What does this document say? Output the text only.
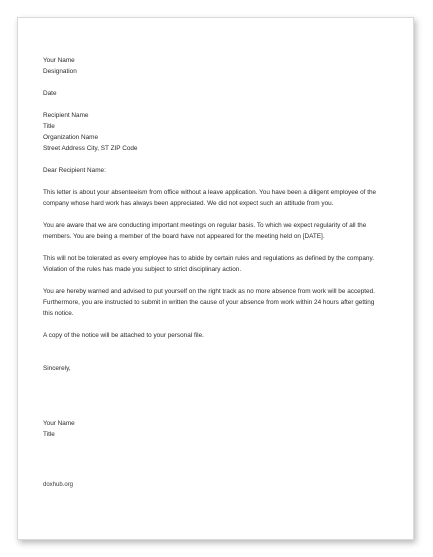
Your Name
Designation
Date
Recipient Name
Title
Organization Name
Street Address City, ST ZIP Code
Dear Recipient Name:
This letter is about your absenteeism from office without a leave application. You have been a diligent employee of the company whose hard work has always been appreciated. We did not expect such an attitude from you.
You are aware that we are conducting important meetings on regular basis. To which we expect regularity of all the members. You are being a member of the board have not appeared for the meeting held on [DATE].
This will not be tolerated as every employee has to abide by certain rules and regulations as defined by the company. Violation of the rules has made you subject to strict disciplinary action.
You are hereby warned and advised to put yourself on the right track as no more absence from work will be accepted. Furthermore, you are instructed to submit in written the cause of your absence from work within 24 hours after getting this notice.
A copy of the notice will be attached to your personal file.
Sincerely,
Your Name
Title
doxhub.org
